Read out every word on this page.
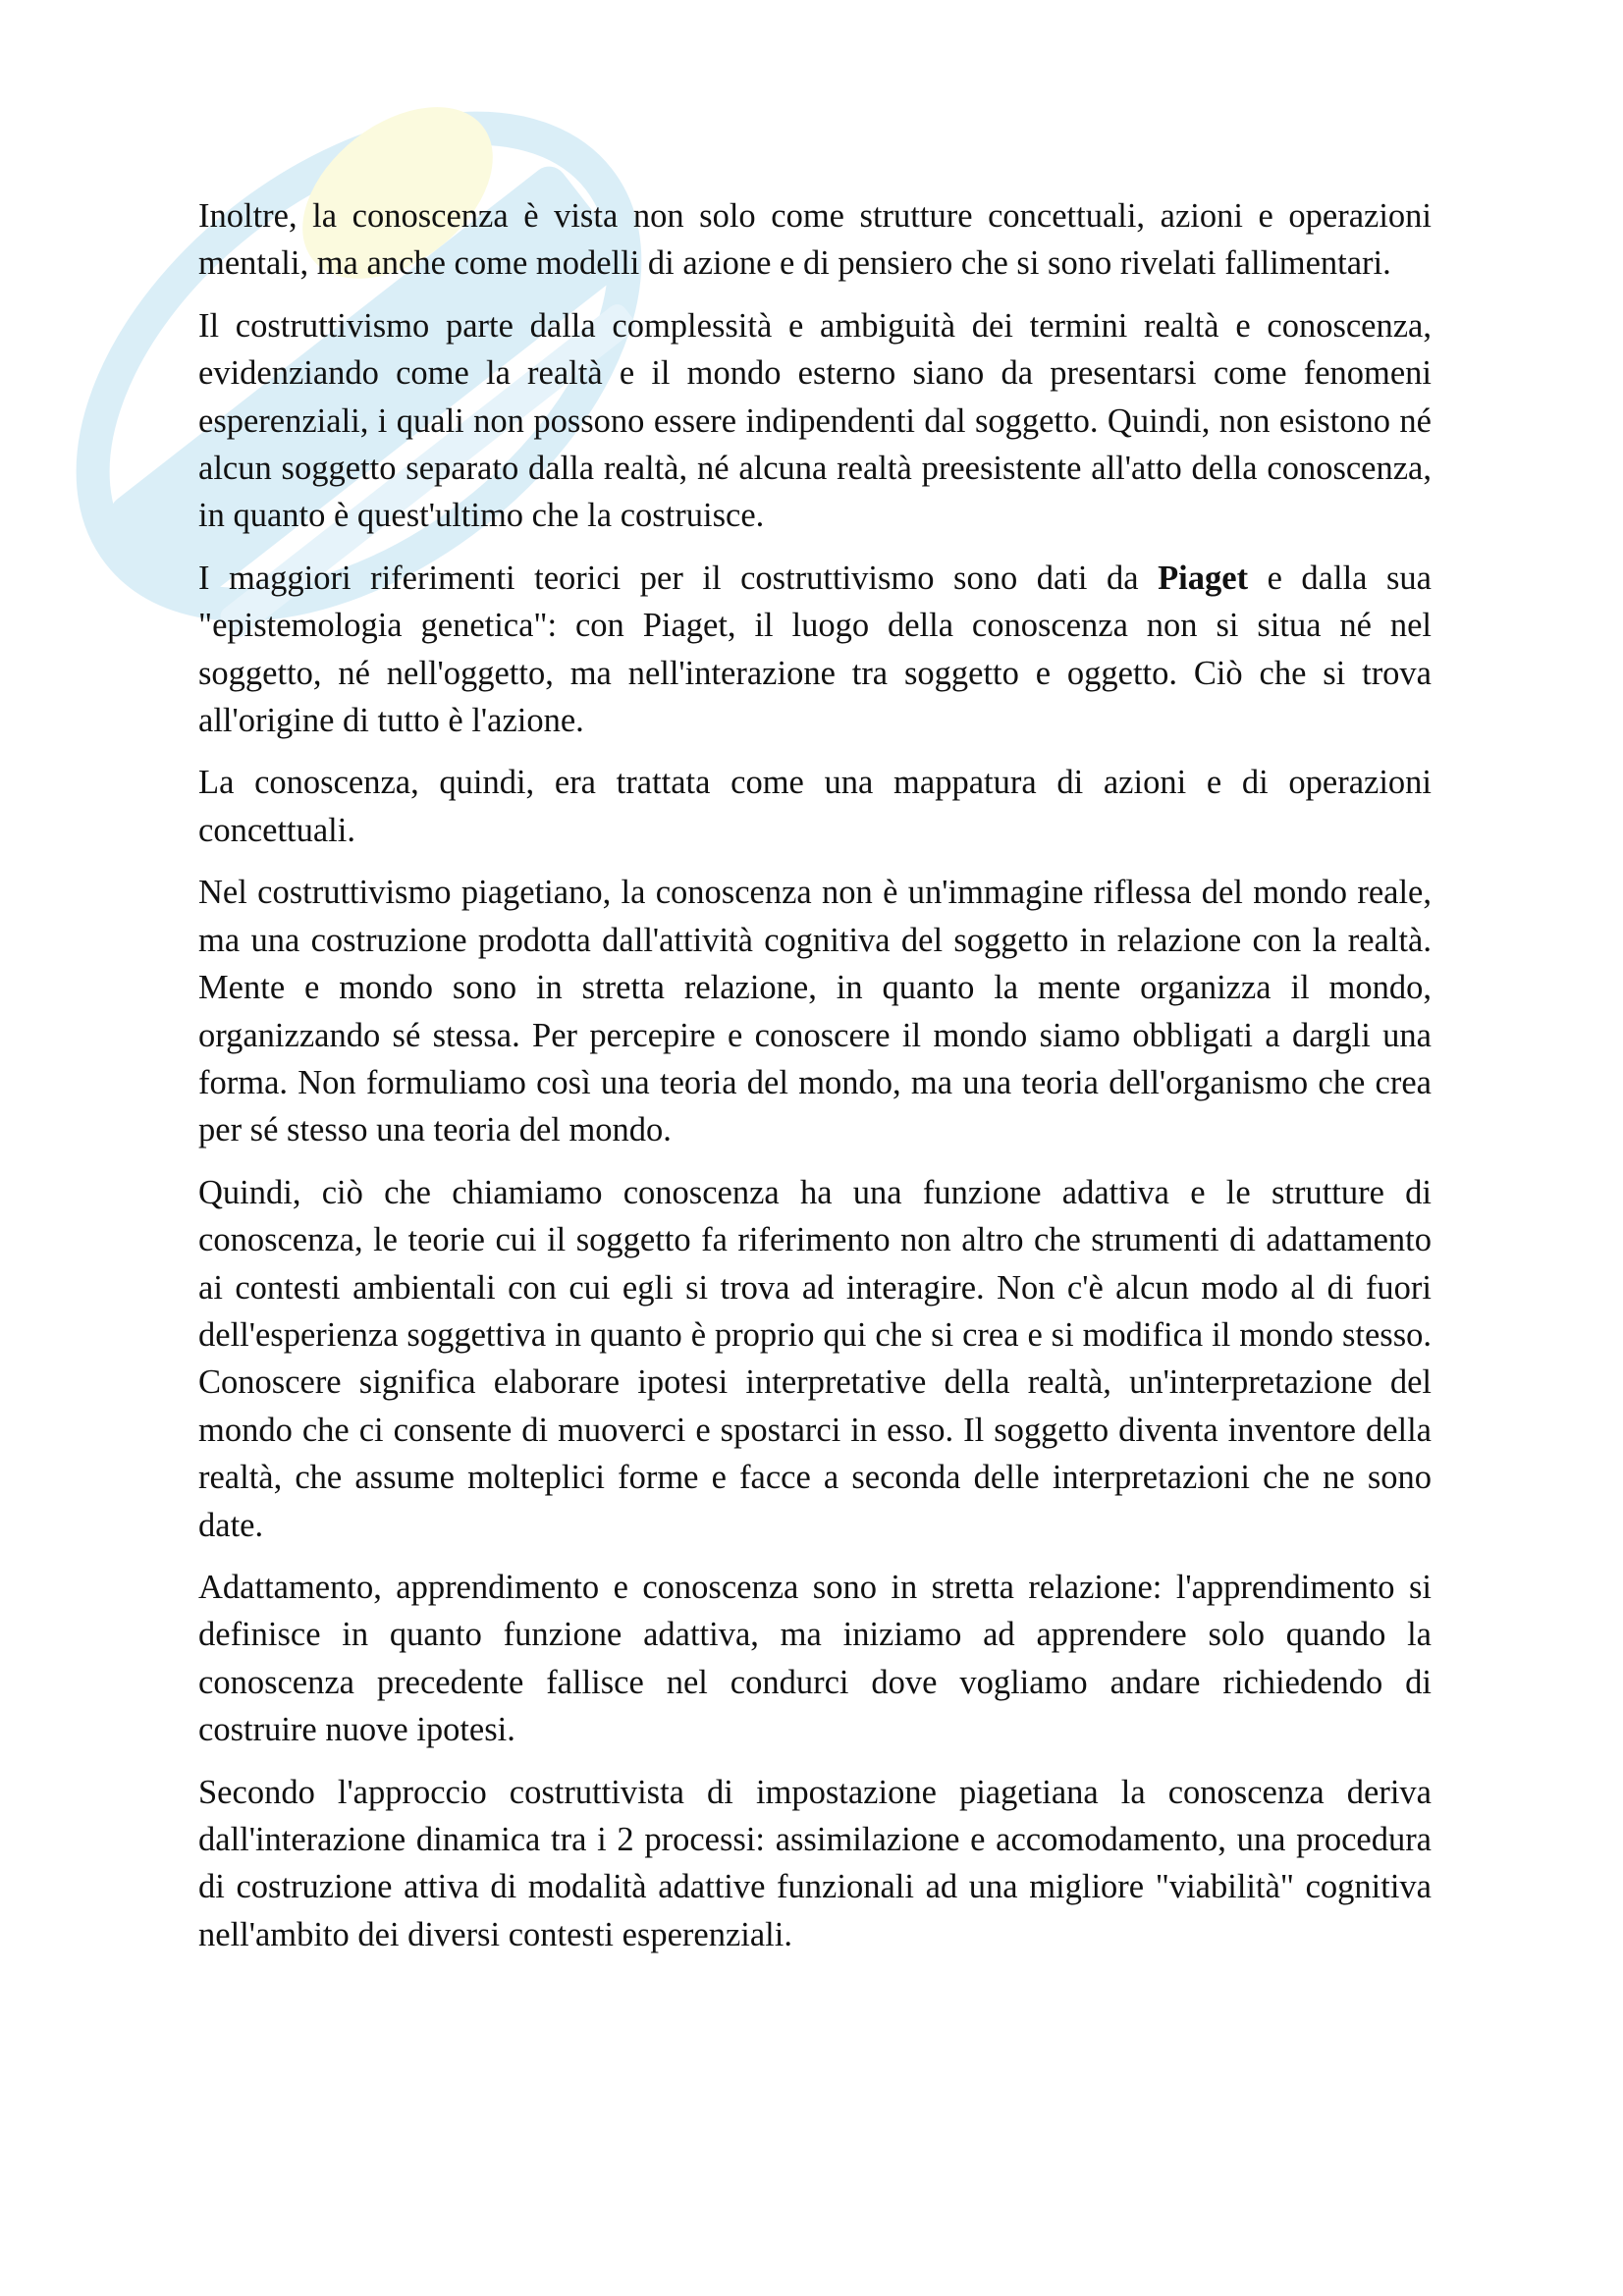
Inoltre, la conoscenza è vista non solo come strutture concettuali, azioni e operazioni mentali, ma anche come modelli di azione e di pensiero che si sono rivelati fallimentari.

Il costruttivismo parte dalla complessità e ambiguità dei termini realtà e conoscenza, evidenziando come la realtà e il mondo esterno siano da presentarsi come fenomeni esperenziali, i quali non possono essere indipendenti dal soggetto. Quindi, non esistono né alcun soggetto separato dalla realtà, né alcuna realtà preesistente all'atto della conoscenza, in quanto è quest'ultimo che la costruisce.

I maggiori riferimenti teorici per il costruttivismo sono dati da Piaget e dalla sua "epistemologia genetica": con Piaget, il luogo della conoscenza non si situa né nel soggetto, né nell'oggetto, ma nell'interazione tra soggetto e oggetto. Ciò che si trova all'origine di tutto è l'azione.

La conoscenza, quindi, era trattata come una mappatura di azioni e di operazioni concettuali.

Nel costruttivismo piagetiano, la conoscenza non è un'immagine riflessa del mondo reale, ma una costruzione prodotta dall'attività cognitiva del soggetto in relazione con la realtà. Mente e mondo sono in stretta relazione, in quanto la mente organizza il mondo, organizzando sé stessa. Per percepire e conoscere il mondo siamo obbligati a dargli una forma. Non formuliamo così una teoria del mondo, ma una teoria dell'organismo che crea per sé stesso una teoria del mondo.

Quindi, ciò che chiamiamo conoscenza ha una funzione adattiva e le strutture di conoscenza, le teorie cui il soggetto fa riferimento non altro che strumenti di adattamento ai contesti ambientali con cui egli si trova ad interagire. Non c'è alcun modo al di fuori dell'esperienza soggettiva in quanto è proprio qui che si crea e si modifica il mondo stesso. Conoscere significa elaborare ipotesi interpretative della realtà, un'interpretazione del mondo che ci consente di muoverci e spostarci in esso. Il soggetto diventa inventore della realtà, che assume molteplici forme e facce a seconda delle interpretazioni che ne sono date.

Adattamento, apprendimento e conoscenza sono in stretta relazione: l'apprendimento si definisce in quanto funzione adattiva, ma iniziamo ad apprendere solo quando la conoscenza precedente fallisce nel condurci dove vogliamo andare richiedendo di costruire nuove ipotesi.

Secondo l'approccio costruttivista di impostazione piagetiana la conoscenza deriva dall'interazione dinamica tra i 2 processi: assimilazione e accomodamento, una procedura di costruzione attiva di modalità adattive funzionali ad una migliore "viabilità" cognitiva nell'ambito dei diversi contesti esperenziali.
